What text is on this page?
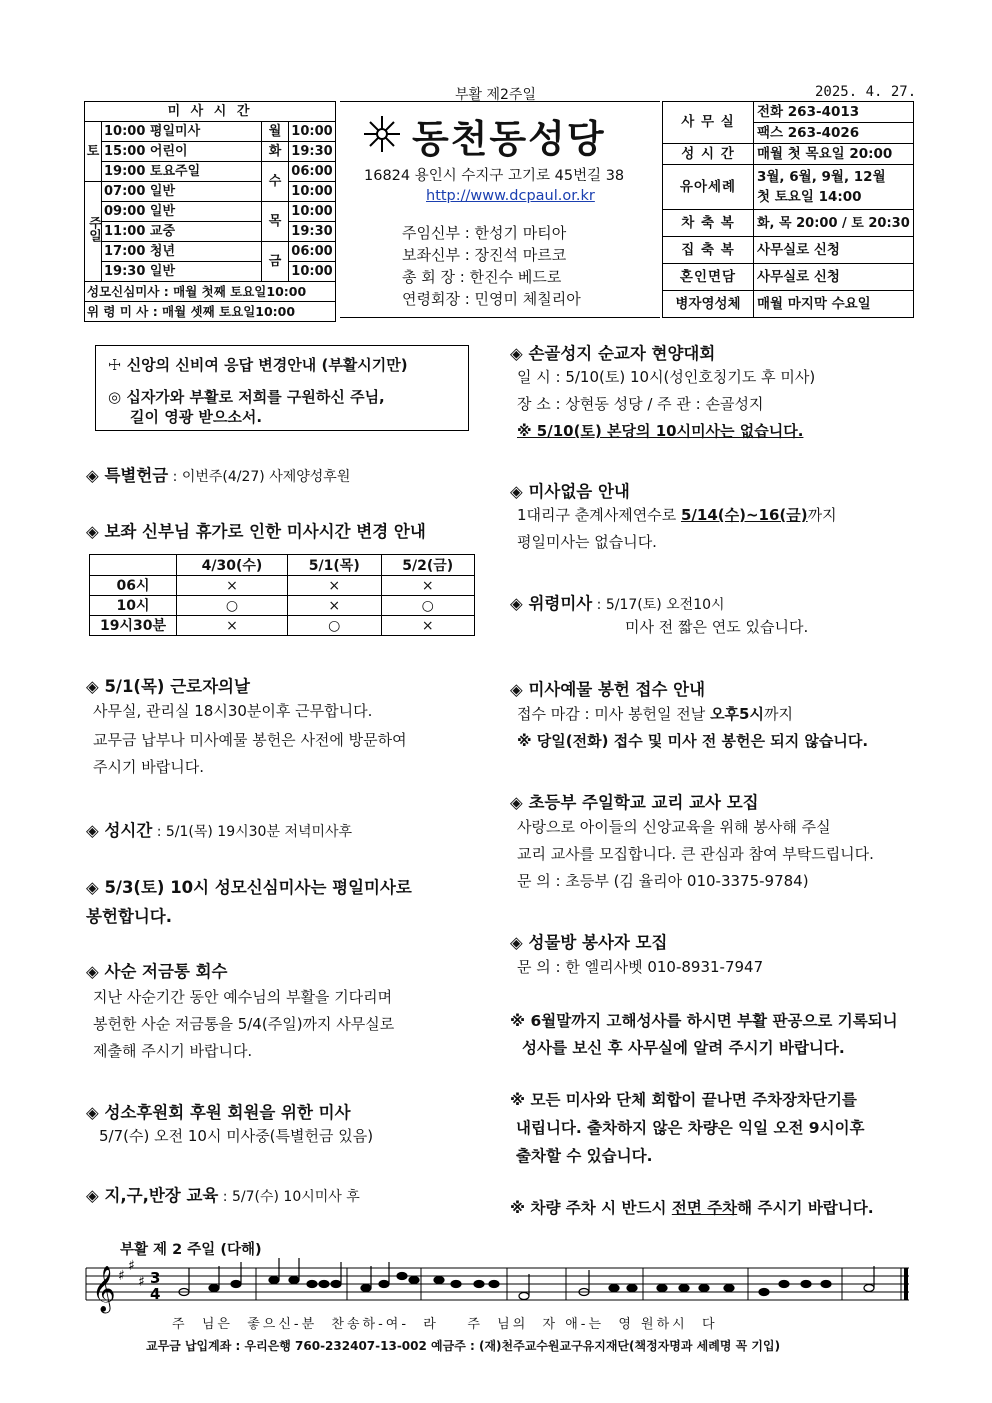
부활 제2주일	2025. 4. 27.
미 사 시 간			
토	10:00 평일미사	월	10:00
	15:00 어린이	화	19:30
	19:00 토요주일	수	06:00
주일	07:00 일반		10:00
	09:00 일반	목	10:00
	11:00 교중		19:30
	17:00 청년	금	06:00
	19:30 일반		10:00
성모신심미사 : 매월 첫째 토요일10:00			
위 령 미 사 : 매월 셋째 토요일10:00			
동천동성당
16824 용인시 수지구 고기로 45번길 38
http://www.dcpaul.or.kr
주임신부 : 한성기 마티아
보좌신부 : 장진석 마르코
총 회 장 : 한진수 베드로
연령회장 : 민영미 체칠리아
사 무 실	전화 263-4013
	팩스 263-4026
성 시 간	매월 첫 목요일 20:00
유아세례	3월, 6월, 9월, 12월
첫 토요일 14:00

차 축 복	화, 목 20:00 / 토 20:30
집 축 복	사무실로 신청
혼인면담	사무실로 신청
병자영성체	매월 마지막 수요일
☩ 신앙의 신비여 응답 변경안내 (부활시기만)
◎ 십자가와 부활로 저희를 구원하신 주님,
길이 영광 받으소서.
◈ 특별헌금 : 이번주(4/27) 사제양성후원
◈ 보좌 신부님 휴가로 인한 미사시간 변경 안내
	4/30(수)	5/1(목)	5/2(금)
06시	×	×	×
10시	○	×	○
19시30분	×	○	×
◈ 5/1(목) 근로자의날
사무실, 관리실 18시30분이후 근무합니다.
교무금 납부나 미사예물 봉헌은 사전에 방문하여
주시기 바랍니다.
◈ 성시간 : 5/1(목) 19시30분 저녁미사후
◈ 5/3(토) 10시 성모신심미사는 평일미사로
봉헌합니다.
◈ 사순 저금통 회수
지난 사순기간 동안 예수님의 부활을 기다리며
봉헌한 사순 저금통을 5/4(주일)까지 사무실로
제출해 주시기 바랍니다.
◈ 성소후원회 후원 회원을 위한 미사
5/7(수) 오전 10시 미사중(특별헌금 있음)
◈ 지,구,반장 교육 : 5/7(수) 10시미사 후
◈ 손골성지 순교자 현양대회
일 시 : 5/10(토) 10시(성인호칭기도 후 미사)
장 소 : 상현동 성당 / 주 관 : 손골성지
※ 5/10(토) 본당의 10시미사는 없습니다.
◈ 미사없음 안내
1대리구 춘계사제연수로 5/14(수)~16(금)까지
평일미사는 없습니다.
◈ 위령미사 : 5/17(토) 오전10시
미사 전 짧은 연도 있습니다.
◈ 미사예물 봉헌 접수 안내
접수 마감 : 미사 봉헌일 전날 오후5시까지
※ 당일(전화) 접수 및 미사 전 봉헌은 되지 않습니다.
◈ 초등부 주일학교 교리 교사 모집
사랑으로 아이들의 신앙교육을 위해 봉사해 주실
교리 교사를 모집합니다. 큰 관심과 참여 부탁드립니다.
문 의 : 초등부 (김 율리아 010-3375-9784)
◈ 성물방 봉사자 모집
문 의 : 한 엘리사벳 010-8931-7947
※ 6월말까지 고해성사를 하시면 부활 판공으로 기록되니
성사를 보신 후 사무실에 알려 주시기 바랍니다.
※ 모든 미사와 단체 회합이 끝나면 주차장차단기를
내립니다. 출차하지 않은 차량은 익일 오전 9시이후
출차할 수 있습니다.
※ 차량 주차 시 반드시 전면 주차해 주시기 바랍니다.
부활 제 2 주일 (다해)
𝄞 ♯
♯
♯ 3
4
주  님은  좋으신-분  찬송하-여-  라    주  님의  자 애-는  영 원하시  다
교무금 납입계좌 : 우리은행 760-232407-13-002 예금주 : (재)천주교수원교구유지재단(책정자명과 세례명 꼭 기입)
